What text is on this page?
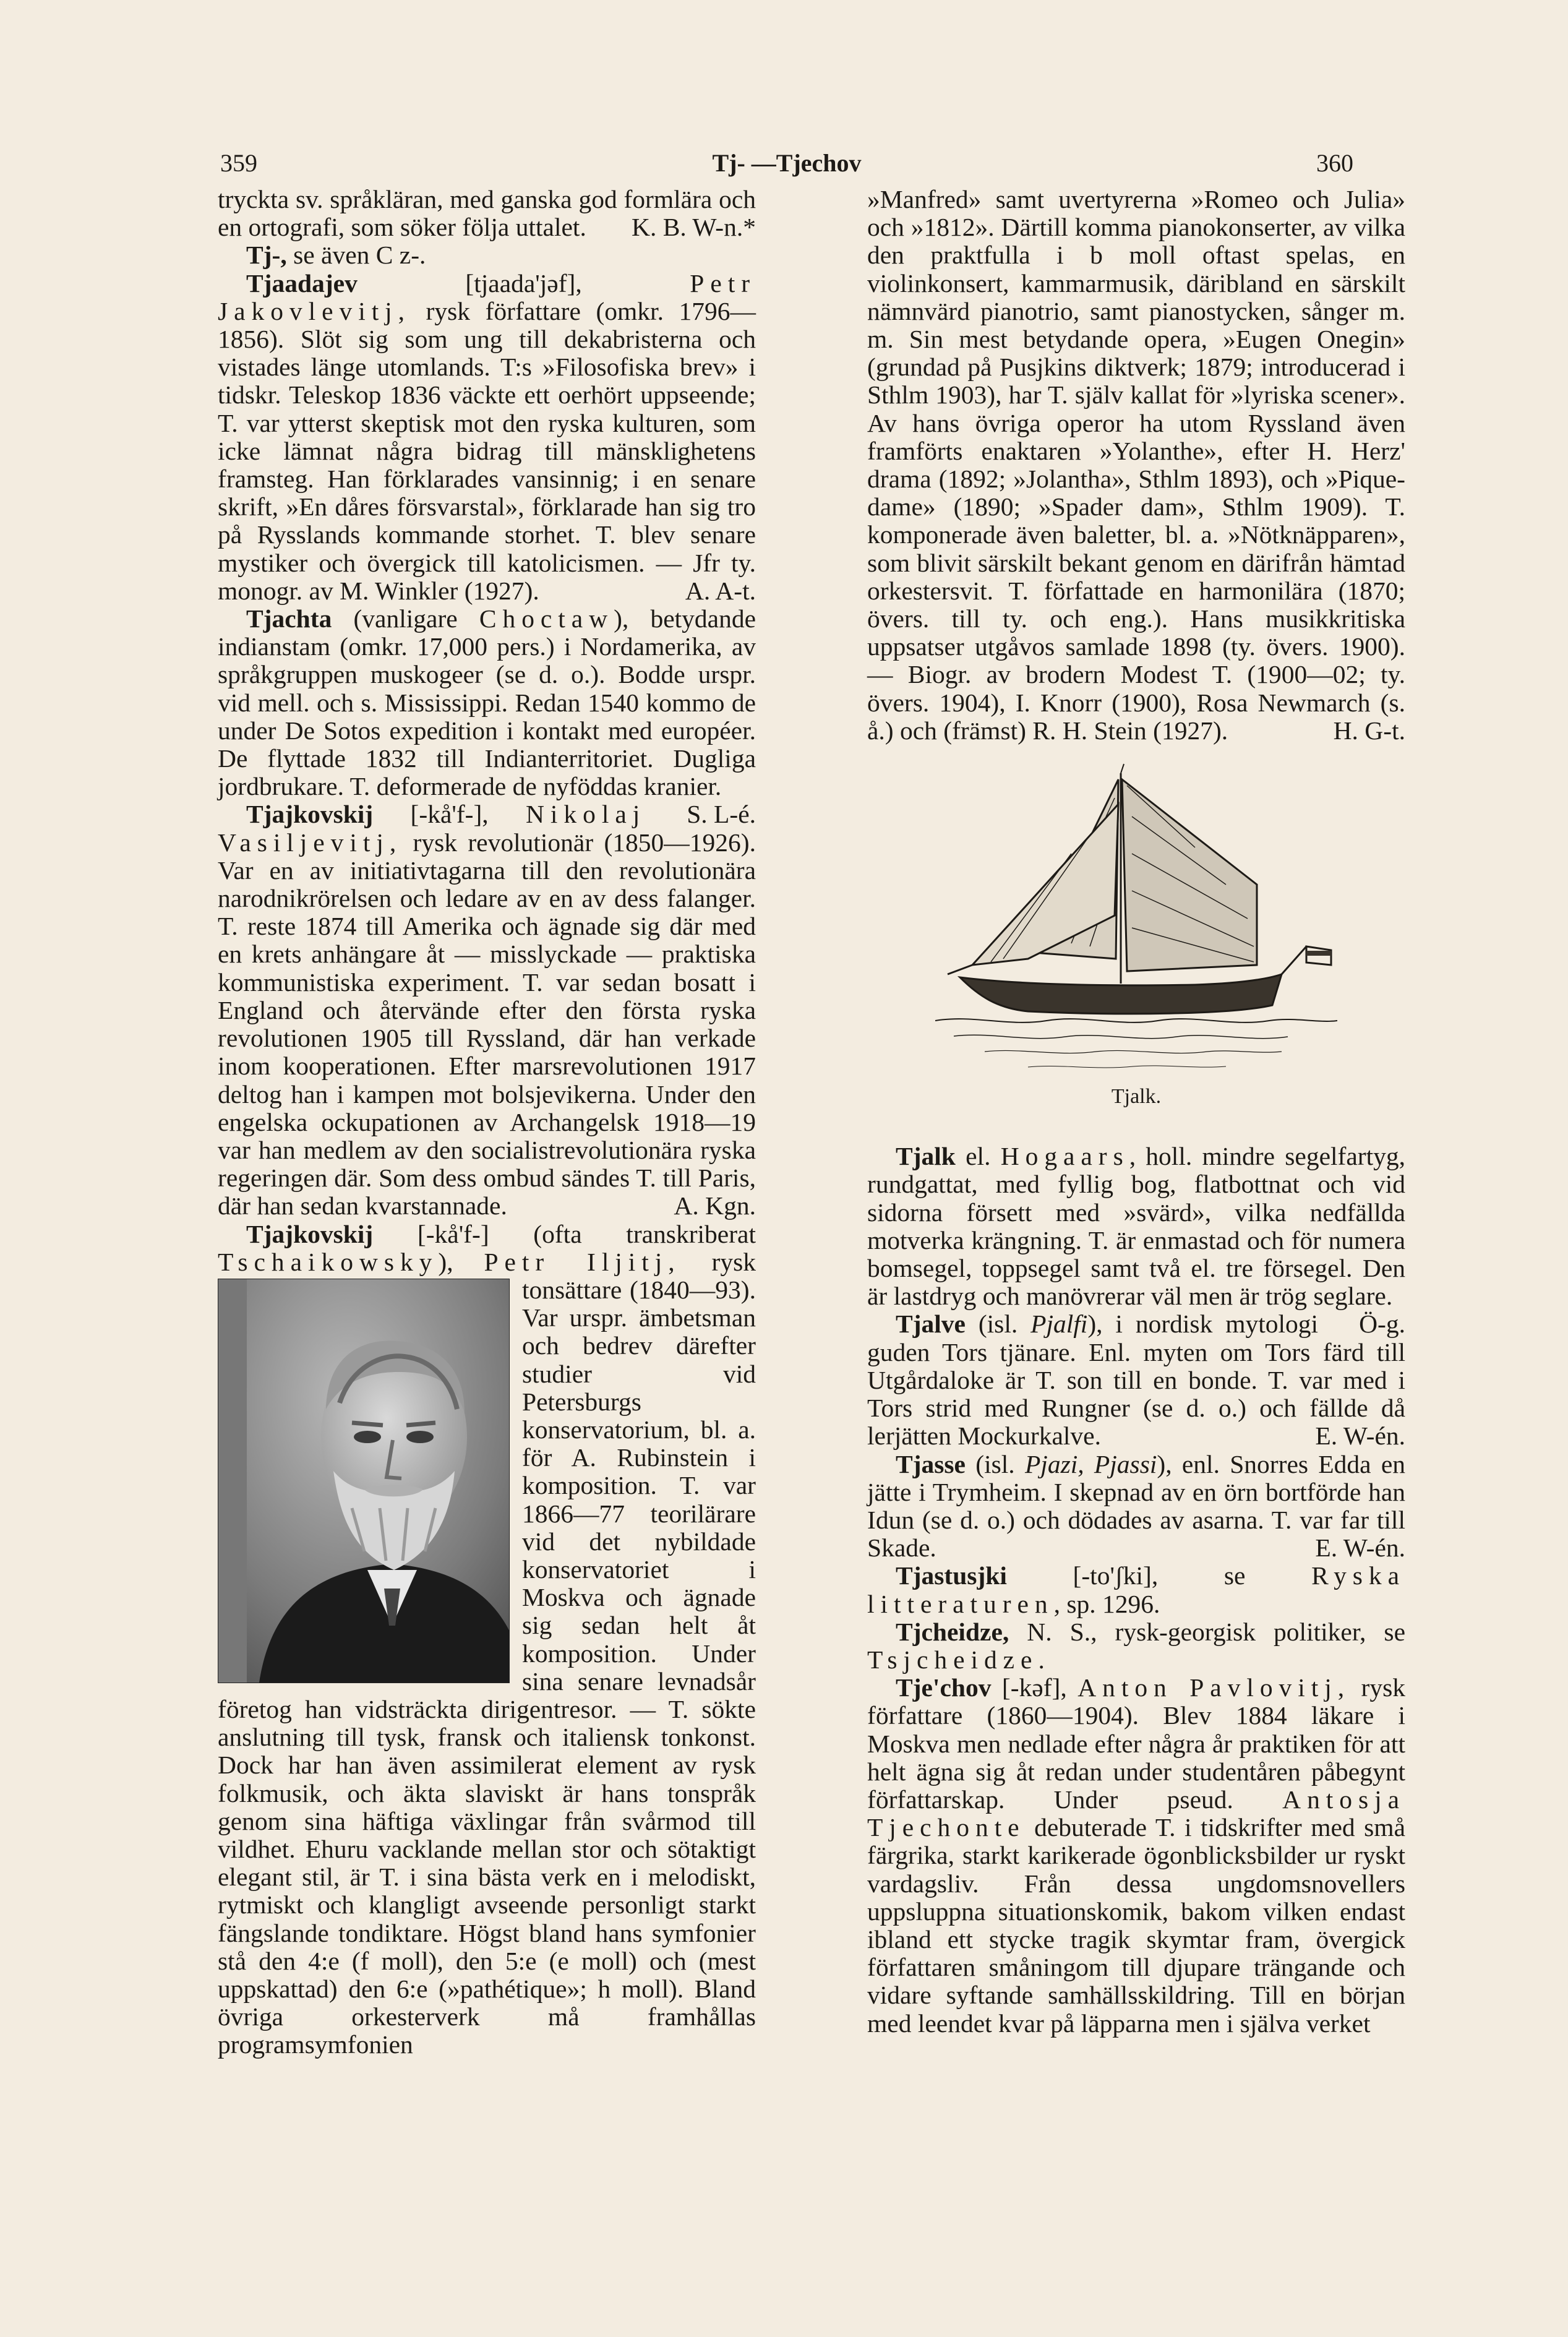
359	Tj- —Tjechov	360

tryckta sv. språkläran, med ganska god formlära och en ortografi, som söker följa uttalet.	K. B. W-n.*

Tj-, se även C z-.

Tjaadajev [tjaada'jəf], Petr Jakovlevitj, rysk författare (omkr. 1796—1856). Slöt sig som ung till dekabristerna och vistades länge utomlands. T:s »Filosofiska brev» i tidskr. Teleskop 1836 väckte ett oerhört uppseende; T. var ytterst skeptisk mot den ryska kulturen, som icke lämnat några bidrag till mänsklighetens framsteg. Han förklarades vansinnig; i en senare skrift, »En dåres försvarstal», förklarade han sig tro på Rysslands kommande storhet. T. blev senare mystiker och övergick till katolicismen. — Jfr ty. monogr. av M. Winkler (1927).	A. A-t.

Tjachta (vanligare Choctaw), betydande indianstam (omkr. 17,000 pers.) i Nordamerika, av språkgruppen muskogeer (se d. o.). Bodde urspr. vid mell. och s. Mississippi. Redan 1540 kommo de under De Sotos expedition i kontakt med européer. De flyttade 1832 till Indianterritoriet. Dugliga jordbrukare. T. deformerade de nyföddas kranier.
S. L-é.

Tjajkovskij [-kå'f-], Nikolaj Vasiljevitj, rysk revolutionär (1850—1926). Var en av initiativtagarna till den revolutionära narodnikrörelsen och ledare av en av dess falanger. T. reste 1874 till Amerika och ägnade sig där med en krets anhängare åt — misslyckade — praktiska kommunistiska experiment. T. var sedan bosatt i England och återvände efter den första ryska revolutionen 1905 till Ryssland, där han verkade inom kooperationen. Efter marsrevolutionen 1917 deltog han i kampen mot bolsjevikerna. Under den engelska ockupationen av Archangelsk 1918—19 var han medlem av den socialistrevolutionära ryska regeringen där. Som dess ombud sändes T. till Paris, där han sedan kvarstannade.	A. Kgn.

Tjajkovskij [-kå'f-] (ofta transkriberat Tschaikowsky), Petr Iljitj,
rysk tonsättare (1840—93). Var urspr. ämbetsman och bedrev därefter studier vid Petersburgs konservatorium, bl. a. för A. Rubinstein i komposition. T. var 1866—77 teorilärare vid det nybildade konservatoriet i Moskva och ägnade sig sedan helt åt komposition. Under sina senare levnadsår företog han vidsträckta dirigentresor. — T. sökte anslutning till tysk, fransk och italiensk tonkonst. Dock har han även assimilerat element av rysk folkmusik, och äkta slaviskt är hans tonspråk genom sina häftiga växlingar från svårmod till vildhet. Ehuru vacklande mellan stor och sötaktigt elegant stil, är T. i sina bästa verk en i melodiskt, rytmiskt och klangligt avseende personligt starkt fängslande tondiktare. Högst bland hans symfonier stå den 4:e (f moll), den 5:e (e moll) och (mest uppskattad) den 6:e (»pathétique»; h moll). Bland övriga orkesterverk må framhållas programsymfonien

»Manfred» samt uvertyrerna »Romeo och Julia» och »1812». Därtill komma pianokonserter, av vilka den praktfulla i b moll oftast spelas, en violinkonsert, kammarmusik, däribland en särskilt nämnvärd pianotrio, samt pianostycken, sånger m. m. Sin mest betydande opera, »Eugen Onegin» (grundad på Pusjkins diktverk; 1879; introducerad i Sthlm 1903), har T. själv kallat för »lyriska scener». Av hans övriga operor ha utom Ryssland även framförts enaktaren »Yolanthe», efter H. Herz' drama (1892; »Jolantha», Sthlm 1893), och »Pique-dame» (1890; »Spader dam», Sthlm 1909). T. komponerade även baletter, bl. a. »Nötknäpparen», som blivit särskilt bekant genom en därifrån hämtad orkestersvit. T. författade en harmonilära (1870; övers. till ty. och eng.). Hans musikkritiska uppsatser utgåvos samlade 1898 (ty. övers. 1900). — Biogr. av brodern Modest T. (1900—02; ty. övers. 1904), I. Knorr (1900), Rosa Newmarch (s. å.) och (främst) R. H. Stein (1927).	H. G-t.

Tjalk.

Tjalk el. Hogaars, holl. mindre segelfartyg, rundgattat, med fyllig bog, flatbottnat och vid sidorna försett med »svärd», vilka nedfällda motverka krängning. T. är enmastad och för numera bomsegel, toppsegel samt två el. tre försegel. Den är lastdryg och manövrerar väl men är trög seglare.
Ö-g.

Tjalve (isl. Pjalfi), i nordisk mytologi guden Tors tjänare. Enl. myten om Tors färd till Utgårdaloke är T. son till en bonde. T. var med i Tors strid med Rungner (se d. o.) och fällde då lerjätten Mockurkalve.	E. W-én.

Tjasse (isl. Pjazi, Pjassi), enl. Snorres Edda en jätte i Trymheim. I skepnad av en örn bortförde han Idun (se d. o.) och dödades av asarna. T. var far till Skade.	E. W-én.

Tjastusjki [-to'ʃki], se Ryska litteraturen, sp. 1296.

Tjcheidze, N. S., rysk-georgisk politiker, se Tsjcheidze.

Tje'chov [-kəf], Anton Pavlovitj, rysk författare (1860—1904). Blev 1884 läkare i Moskva men nedlade efter några år praktiken för att helt ägna sig åt redan under studentåren påbegynt författarskap. Under pseud. Antosja Tjechonte debuterade T. i tidskrifter med små färgrika, starkt karikerade ögonblicksbilder ur ryskt vardagsliv. Från dessa ungdomsnovellers uppsluppna situationskomik, bakom vilken endast ibland ett stycke tragik skymtar fram, övergick författaren småningom till djupare trängande och vidare syftande samhällsskildring. Till en början med leendet kvar på läpparna men i själva verket
